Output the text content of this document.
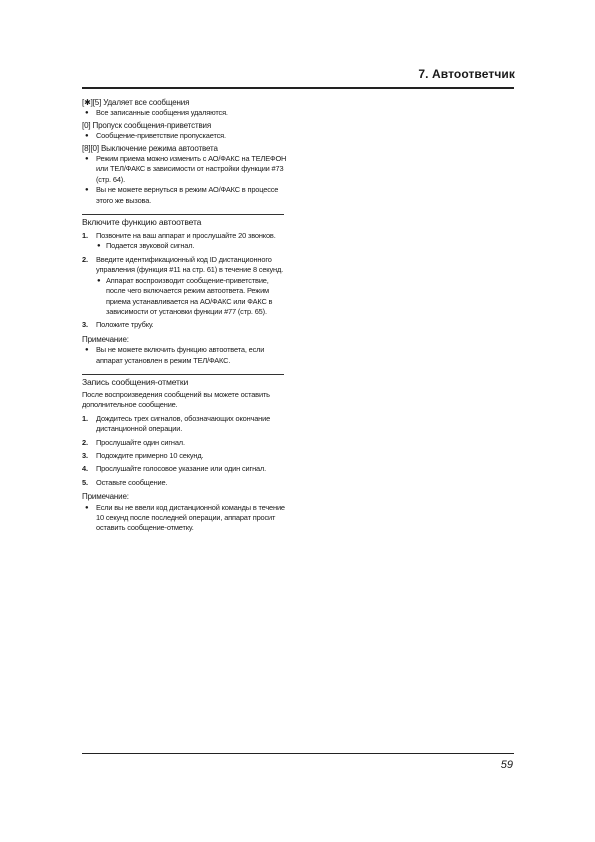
7. Автоответчик
[✱][5] Удаляет все сообщения
● Все записанные сообщения удаляются.
[0] Пропуск сообщения-приветствия
● Сообщение-приветствие пропускается.
[8][0] Выключение режима автоответа
● Режим приема можно изменить с АО/ФАКС на ТЕЛЕФОН или ТЕЛ/ФАКС в зависимости от настройки функции #73 (стр. 64).
● Вы не можете вернуться в режим АО/ФАКС в процессе этого же вызова.
Включите функцию автоответа
1. Позвоните на ваш аппарат и прослушайте 20 звонков.
● Подается звуковой сигнал.
2. Введите идентификационный код ID дистанционного управления (функция #11 на стр. 61) в течение 8 секунд.
● Аппарат воспроизводит сообщение-приветствие, после чего включается режим автоответа. Режим приема устанавливается на АО/ФАКС или ФАКС в зависимости от установки функции #77 (стр. 65).
3. Положите трубку.
Примечание:
● Вы не можете включить функцию автоответа, если аппарат установлен в режим ТЕЛ/ФАКС.
Запись сообщения-отметки
После воспроизведения сообщений вы можете оставить дополнительное сообщение.
1. Дождитесь трех сигналов, обозначающих окончание дистанционной операции.
2. Прослушайте один сигнал.
3. Подождите примерно 10 секунд.
4. Прослушайте голосовое указание или один сигнал.
5. Оставьте сообщение.
Примечание:
● Если вы не ввели код дистанционной команды в течение 10 секунд после последней операции, аппарат просит оставить сообщение-отметку.
59
